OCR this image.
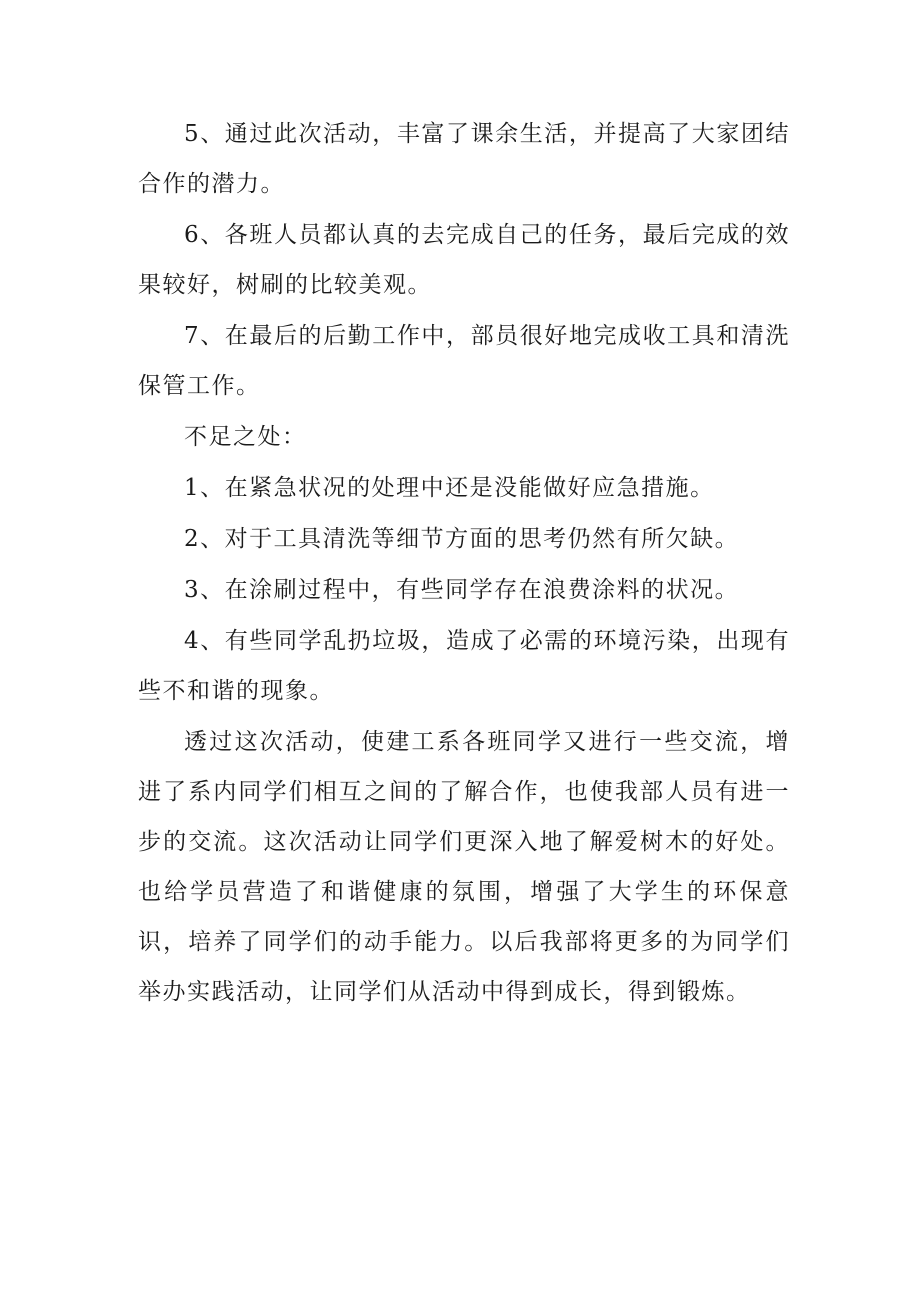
5、通过此次活动，丰富了课余生活，并提高了大家团结合作的潜力。

6、各班人员都认真的去完成自己的任务，最后完成的效果较好，树刷的比较美观。

7、在最后的后勤工作中，部员很好地完成收工具和清洗保管工作。

不足之处：

1、在紧急状况的处理中还是没能做好应急措施。

2、对于工具清洗等细节方面的思考仍然有所欠缺。

3、在涂刷过程中，有些同学存在浪费涂料的状况。

4、有些同学乱扔垃圾，造成了必需的环境污染，出现有些不和谐的现象。

透过这次活动，使建工系各班同学又进行一些交流，增进了系内同学们相互之间的了解合作，也使我部人员有进一步的交流。这次活动让同学们更深入地了解爱树木的好处。也给学员营造了和谐健康的氛围，增强了大学生的环保意识，培养了同学们的动手能力。以后我部将更多的为同学们举办实践活动，让同学们从活动中得到成长，得到锻炼。
